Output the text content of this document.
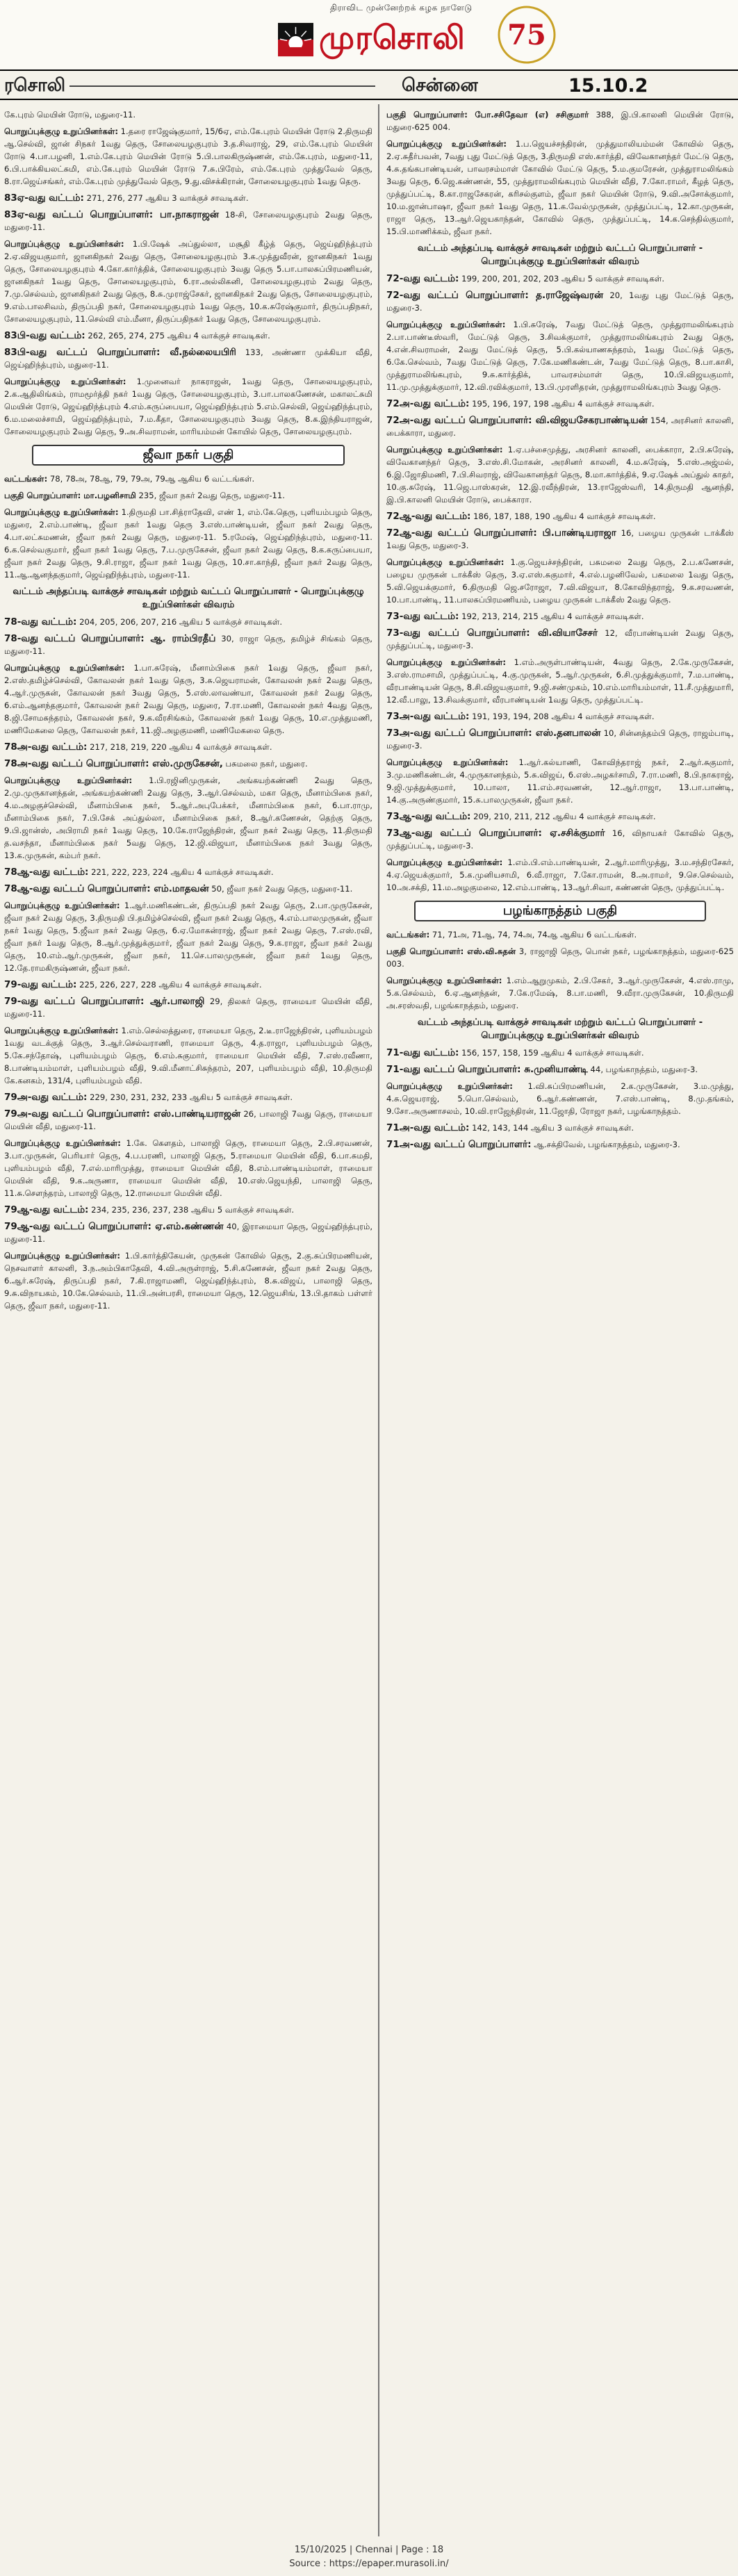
திராவிட முன்னேற்றக் கழக நாளேடு
முரசொலி 75
ரசொலி	சென்னை	15.10.2

கே.புரம் மெயின் ரோடு, மதுரை-11.

பொறுப்புக்குழு உறுப்பினர்கள்: 1.தரை ராஜேஷ்குமார், 15/6ஏ, எம்.கே.புரம் மெயின் ரோடு 2.திருமதி ஆ.செல்வி, ஜான் சிநகர் 1வது தெரு, சோலையழகுபுரம் 3.த.சிவராஜ், 29, எம்.கே.புரம் மெயின் ரோடு 4.பா.பழனி, 1.எம்.கே.புரம் மெயின் ரோடு 5.பி.பாலகிருஷ்ணன், எம்.கே.புரம், மதுரை-11, 6.பி.பாக்கியலட்சுமி, எம்.கே.புரம் மெயின் ரோடு 7.சு.பிரேம், எம்.கே.புரம் முத்துவேல் தெரு, 8.ரா.ஜெய்சங்கர், எம்.கே.புரம் முத்துவேல் தெரு, 9.து.விசக்கிரான், சோலையழகுபுரம் 1வது தெரு.

83ஏ-வது வட்டம்: 271, 276, 277 ஆகிய 3 வாக்குச் சாவடிகள்.

83ஏ-வது வட்டப் பொறுப்பாளர்: பா.நாகராஜன் 18-சி, சோலையழகுபுரம் 2வது தெரு, மதுரை-11.

பொறுப்புக்குழு உறுப்பினர்கள்: 1.பி.ஷேக் அப்துல்லா, மசூதி கீழ்த் தெரு, ஜெய்ஹிந்த்புரம் 2.ஏ.விஜயகுமார், ஜானகிநகர் 2வது தெரு, சோலையழகுபுரம் 3.க.முத்துவீரன், ஜானகிநகர் 1வது தெரு, சோலையழகுபுரம் 4.கோ.கார்த்திக், சோலையழகுபுரம் 3வது தெரு 5.பா.பாலசுப்பிரமணியன், ஜானகிநகர் 1வது தெரு, சோலையழகுபுரம், 6.ரா.அல்லிகனி, சோலையழகுபுரம் 2வது தெரு, 7.மு.செல்வம், ஜானகிநகர் 2வது தெரு, 8.சு.முராஜ்சேகர், ஜானகிநகர் 2வது தெரு, சோலையழகுபுரம், 9.எம்.பாலசிவம், திருப்பதி நகர், சோலையழகுபுரம் 1வது தெரு, 10.க.சுரேஷ்குமார், திருப்பதிநகர், சோலையழகுபுரம், 11.செல்வி எம்.மீனா, திருப்பதிநகர் 1வது தெரு, சோலையழகுபுரம்.

83பி-வது வட்டம்: 262, 265, 274, 275 ஆகிய 4 வாக்குச் சாவடிகள்.

83பி-வது வட்டப் பொறுப்பாளர்: வீ.நல்லையபிரி 133, அண்ணா முக்கியா வீதி, ஜெய்ஹிந்த்புரம், மதுரை-11.

பொறுப்புக்குழு உறுப்பினர்கள்: 1.முனைவர் நாகராஜன், 1வது தெரு, சோலையழகுபுரம், 2.க.ஆதிலிங்கம், ராமமூர்த்தி நகர் 1வது தெரு, சோலையழகுபுரம், 3.பா.பாலகணேசன், மகாலட்சுமி மெயின் ரோடு, ஜெய்ஹிந்த்புரம் 4.எம்.கருப்பையா, ஜெய்ஹிந்த்புரம் 5.எம்.செல்வி, ஜெய்ஹிந்த்புரம், 6.ம.மலைச்சாமி, ஜெய்ஹிந்த்புரம், 7.ம.கீதா, சோலையழகுபுரம் 3வது தெரு, 8.க.இந்தியராஜன், சோலையழகுபுரம் 2வது தெரு, 9.அ.சிவராமன், மாரியம்மன் கோயில் தெரு, சோலையழகுபுரம்.

ஜீவா நகர் பகுதி

வட்டங்கள்: 78, 78அ, 78ஆ, 79, 79அ, 79ஆ ஆகிய 6 வட்டங்கள்.

பகுதி பொறுப்பாளர்: மா.பழனிசாமி 235, ஜீவா நகர் 2வது தெரு, மதுரை-11.

பொறுப்புக்குழு உறுப்பினர்கள்: 1.திருமதி பா.சித்ராதேவி, எண் 1, எம்.கே.தெரு, புளியம்பழம் தெரு, மதுரை, 2.எம்.பாண்டி, ஜீவா நகர் 1வது தெரு 3.எஸ்.பாண்டியன், ஜீவா நகர் 2வது தெரு, 4.பா.லட்சுமணன், ஜீவா நகர் 2வது தெரு, மதுரை-11. 5.ரமேஷ், ஜெய்ஹிந்த்புரம், மதுரை-11. 6.க.செல்வகுமார், ஜீவா நகர் 1வது தெரு, 7.ப.முருகேசன், ஜீவா நகர் 2வது தெரு, 8.க.கருப்பையா, ஜீவா நகர் 2வது தெரு, 9.சி.ராஜா, ஜீவா நகர் 1வது தெரு, 10.சா.காந்தி, ஜீவா நகர் 2வது தெரு, 11.ஆ.ஆனந்தகுமார், ஜெய்ஹிந்த்புரம், மதுரை-11.

வட்டம் அந்தப்படி வாக்குச் சாவடிகள் மற்றும் வட்டப் பொறுப்பாளர் - பொறுப்புக்குழு உறுப்பினர்கள் விவரம்

78-வது வட்டம்: 204, 205, 206, 207, 216 ஆகிய 5 வாக்குச் சாவடிகள்.

78-வது வட்டப் பொறுப்பாளர்: ஆ. ராம்பிரதீப் 30, ராஜா தெரு, தமிழ்ச் சிங்கம் தெரு, மதுரை-11.

பொறுப்புக்குழு உறுப்பினர்கள்: 1.பா.சுரேஷ், மீனாம்பிகை நகர் 1வது தெரு, ஜீவா நகர், 2.எஸ்.தமிழ்ச்செல்வி, கோவலன் நகர் 1வது தெரு, 3.சு.ஜெயராமன், கோவலன் நகர் 2வது தெரு, 4.ஆர்.முருகன், கோவலன் நகர் 3வது தெரு, 5.எஸ்.லாவண்யா, கோவலன் நகர் 2வது தெரு, 6.எம்.ஆனந்தகுமார், கோவலன் நகர் 2வது தெரு, மதுரை, 7.ரா.மணி, கோவலன் நகர் 4வது தெரு, 8.ஜி.சோமசுந்தரம், கோவலன் நகர், 9.க.வீரசிங்கம், கோவலன் நகர் 1வது தெரு, 10.எ.முத்துமணி, மணிமேகலை தெரு, கோவலன் நகர், 11.ஜி.அழகுமணி, மணிமேகலை தெரு.

78அ-வது வட்டம்: 217, 218, 219, 220 ஆகிய 4 வாக்குச் சாவடிகள்.

78அ-வது வட்டப் பொறுப்பாளர்: எஸ்.முருகேசன், பசுமலை நகர், மதுரை.

பொறுப்புக்குழு உறுப்பினர்கள்: 1.பி.ரஜினிமுருகன், அங்கயற்கண்ணி 2வது தெரு, 2.மு.முருகானந்தன், அங்கயற்கண்ணி 2வது தெரு, 3.ஆர்.செல்வம், மகா தெரு, மீனாம்பிகை நகர், 4.ம.அழகுச்செல்வி, மீனாம்பிகை நகர், 5.ஆர்.அபுபேக்கர், மீனாம்பிகை நகர், 6.பா.ராமு, மீனாம்பிகை நகர், 7.பி.சேக் அப்துல்லா, மீனாம்பிகை நகர், 8.ஆர்.கணேசன், தெற்கு தெரு, 9.பி.ஜான்ஸ், அபிராமி நகர் 1வது தெரு, 10.கே.ராஜேந்திரன், ஜீவா நகர் 2வது தெரு, 11.திருமதி த.வசந்தா, மீனாம்பிகை நகர் 5வது தெரு, 12.ஜி.விஜயா, மீனாம்பிகை நகர் 3வது தெரு, 13.க.முருகன், கம்பர் நகர்.

78ஆ-வது வட்டம்: 221, 222, 223, 224 ஆகிய 4 வாக்குச் சாவடிகள்.

78ஆ-வது வட்டப் பொறுப்பாளர்: எம்.மாதவன் 50, ஜீவா நகர் 2வது தெரு, மதுரை-11.

பொறுப்புக்குழு உறுப்பினர்கள்: 1.ஆர்.மணிகண்டன், திருப்பதி நகர் 2வது தெரு, 2.பா.முருகேசன், ஜீவா நகர் 2வது தெரு, 3.திருமதி பி.தமிழ்ச்செல்வி, ஜீவா நகர் 2வது தெரு, 4.எம்.பாலமுருகன், ஜீவா நகர் 1வது தெரு, 5.ஜீவா நகர் 2வது தெரு, 6.ஏ.மோகன்ராஜ், ஜீவா நகர் 2வது தெரு, 7.எஸ்.ரவி, ஜீவா நகர் 1வது தெரு, 8.ஆர்.முத்துக்குமார், ஜீவா நகர் 2வது தெரு, 9.க.ராஜா, ஜீவா நகர் 2வது தெரு, 10.எம்.ஆர்.முருகன், ஜீவா நகர், 11.செ.பாலமுருகன், ஜீவா நகர் 1வது தெரு, 12.தே.ராமகிருஷ்ணன், ஜீவா நகர்.

79-வது வட்டம்: 225, 226, 227, 228 ஆகிய 4 வாக்குச் சாவடிகள்.

79-வது வட்டப் பொறுப்பாளர்: ஆர்.பாலாஜி 29, திலகர் தெரு, ராமையா மெயின் வீதி, மதுரை-11.

பொறுப்புக்குழு உறுப்பினர்கள்: 1.எம்.செல்லத்துரை, ராமையா தெரு, 2.டீ.ராஜேந்திரன், புளியம்பழம் 1வது வடக்குத் தெரு, 3.ஆர்.செல்வராணி, ராமையா தெரு, 4.த.ராஜா, புளியம்பழம் தெரு, 5.கே.சந்தோஷ், புளியம்பழம் தெரு, 6.எம்.சுகுமார், ராமையா மெயின் வீதி, 7.எஸ்.ரவீணா, 8.பாண்டியம்மாள், புளியம்பழம் வீதி, 9.வி.மீனாட்சிசுந்தரம், 207, புளியம்பழம் வீதி, 10.திருமதி கே.கனகம், 131/4, புளியம்பழம் வீதி.

79அ-வது வட்டம்: 229, 230, 231, 232, 233 ஆகிய 5 வாக்குச் சாவடிகள்.

79அ-வது வட்டப் பொறுப்பாளர்: எஸ்.பாண்டியராஜன் 26, பாலாஜி 7வது தெரு, ராமையா மெயின் வீதி, மதுரை-11.

பொறுப்புக்குழு உறுப்பினர்கள்: 1.கே. கௌதம், பாலாஜி தெரு, ராமையா தெரு, 2.பி.சரவணன், 3.பா.முருகன், பெரியார் தெரு, 4.ப.பரணி, பாலாஜி தெரு, 5.ராமையா மெயின் வீதி, 6.பா.சுமதி, புளியம்பழம் வீதி, 7.எல்.மாரிமுத்து, ராமையா மெயின் வீதி, 8.எம்.பாண்டியம்மாள், ராமையா மெயின் வீதி, 9.க.அருணா, ராமையா மெயின் வீதி, 10.எஸ்.ஜெயந்தி, பாலாஜி தெரு, 11.சு.சௌந்தரம், பாலாஜி தெரு, 12.ராமையா மெயின் வீதி.

79ஆ-வது வட்டம்: 234, 235, 236, 237, 238 ஆகிய 5 வாக்குச் சாவடிகள்.

79ஆ-வது வட்டப் பொறுப்பாளர்: ஏ.எம்.கண்ணன் 40, இராமையா தெரு, ஜெய்ஹிந்த்புரம், மதுரை-11.

பொறுப்புக்குழு உறுப்பினர்கள்: 1.பி.கார்த்திகேயன், முருகன் கோவில் தெரு, 2.கு.சுப்பிரமணியன், நெசவாளர் காலனி, 3.ந.அம்பிகாதேவி, 4.வி.அருள்ராஜ், 5.சி.கணேசன், ஜீவா நகர் 2வது தெரு, 6.ஆர்.சுரேஷ், திருப்பதி நகர், 7.கி.ராஜாமணி, ஜெய்ஹிந்த்புரம், 8.சு.விஜய், பாலாஜி தெரு, 9.சு.விநாயகம், 10.கே.செல்வம், 11.பி.அன்பரசி, ராமையா தெரு, 12.ஜெயசிங், 13.பி.தாகம் பள்ளர் தெரு, ஜீவா நகர், மதுரை-11.

பகுதி பொறுப்பாளர்: போ.சசிதேவா (எ) சசிகுமார் 388, இ.பி.காலனி மெயின் ரோடு, மதுரை-625 004.

பொறுப்புக்குழு உறுப்பினர்கள்: 1.ப.ஜெயச்சந்திரன், முத்துமாலியம்மன் கோவில் தெரு, 2.ஏ.சுதீர்பவன், 7வது புது மேட்டுத் தெரு, 3.திருமதி எஸ்.கார்த்தி, விவேகானந்தர் மேட்டு தெரு, 4.சு.தங்கபாண்டியன், பாவரசம்மாள் கோவில் மேட்டு தெரு, 5.ம.குமரேசன், முத்துராமலிங்கம் 3வது தெரு, 6.ஜெ.கண்ணன், 55, முத்துராமலிங்கபுரம் மெயின் வீதி, 7.கோ.ராமர், கீழத் தெரு, முத்துப்பட்டி, 8.கா.ராஜசேகரன், கரிசல்குளம், ஜீவா நகர் மெயின் ரோடு, 9.வி.அசோக்குமார், 10.ம.ஜான்பாஷா, ஜீவா நகர் 1வது தெரு, 11.க.வேல்முருகன், முத்துப்பட்டி, 12.கா.முருகன், ராஜா தெரு, 13.ஆர்.ஜெயகாந்தன், கோவில் தெரு, முத்துப்பட்டி, 14.க.செந்தில்குமார், 15.பி.மாணிக்கம், ஜீவா நகர்.

வட்டம் அந்தப்படி வாக்குச் சாவடிகள் மற்றும் வட்டப் பொறுப்பாளர் - பொறுப்புக்குழு உறுப்பினர்கள் விவரம்

72-வது வட்டம்: 199, 200, 201, 202, 203 ஆகிய 5 வாக்குச் சாவடிகள்.

72-வது வட்டப் பொறுப்பாளர்: த.ராஜேஷ்வரன் 20, 1வது புது மேட்டுத் தெரு, மதுரை-3.

பொறுப்புக்குழு உறுப்பினர்கள்: 1.பி.சுரேஷ், 7வது மேட்டுத் தெரு, முத்துராமலிங்கபுரம் 2.பா.பாண்டீஸ்வரி, மேட்டுத் தெரு, 3.சிவக்குமார், முத்துராமலிங்கபுரம் 2வது தெரு, 4.என்.சிவராமன், 2வது மேட்டுத் தெரு, 5.பி.கல்யாணசுந்தரம், 1வது மேட்டுத் தெரு, 6.கே.செல்வம், 7வது மேட்டுத் தெரு, 7.கே.மணிகண்டன், 7வது மேட்டுத் தெரு, 8.பா.காசி, முத்துராமலிங்கபுரம், 9.சு.கார்த்திக், பாவரசம்மாள் தெரு, 10.பி.விஜயகுமார், 11.மு.முத்துக்குமார், 12.வி.ரவிக்குமார், 13.பி.முரளிதரன், முத்துராமலிங்கபுரம் 3வது தெரு.

72அ-வது வட்டம்: 195, 196, 197, 198 ஆகிய 4 வாக்குச் சாவடிகள்.

72அ-வது வட்டப் பொறுப்பாளர்: வி.விஜயசேகரபாண்டியன் 154, அரசினர் காலனி, பைக்காரா, மதுரை.

பொறுப்புக்குழு உறுப்பினர்கள்: 1.ஏ.பச்சைமுத்து, அரசினர் காலனி, பைக்காரா, 2.பி.சுரேஷ், விவேகானந்தர் தெரு, 3.எஸ்.சி.மோகன், அரசினர் காலனி, 4.ம.சுரேஷ், 5.எஸ்.அஜ்மல், 6.இ.ஜோதிமணி, 7.பி.சிவராஜ், விவேகானந்தர் தெரு, 8.மா.கார்த்திக், 9.ஏ.ஷேக் அப்துல் காதர், 10.கு.சுரேஷ், 11.ஜெ.பாஸ்கரன், 12.இ.ரவீந்திரன், 13.ராஜேஸ்வரி, 14.திருமதி ஆனந்தி, இ.பி.காலனி மெயின் ரோடு, பைக்காரா.

72ஆ-வது வட்டம்: 186, 187, 188, 190 ஆகிய 4 வாக்குச் சாவடிகள்.

72ஆ-வது வட்டப் பொறுப்பாளர்: பி.பாண்டியராஜா 16, பழைய முருகன் டாக்கீஸ் 1வது தெரு, மதுரை-3.

பொறுப்புக்குழு உறுப்பினர்கள்: 1.கு.ஜெயச்சந்திரன், பசுமலை 2வது தெரு, 2.ப.கணேசன், பழைய முருகன் டாக்கீஸ் தெரு, 3.ஏ.எஸ்.சுகுமார், 4.எல்.பழனிவேல், பசுமலை 1வது தெரு, 5.வி.ஜெயக்குமார், 6.திருமதி ஜெ.சரோஜா, 7.வி.விஜயா, 8.கோவிந்தராஜ், 9.க.சரவணன், 10.பா.பாண்டி, 11.பாலசுப்பிரமணியம், பழைய முருகன் டாக்கீஸ் 2வது தெரு.

73-வது வட்டம்: 192, 213, 214, 215 ஆகிய 4 வாக்குச் சாவடிகள்.

73-வது வட்டப் பொறுப்பாளர்: வி.வியாசேசர் 12, வீரபாண்டியன் 2வது தெரு, முத்துப்பட்டி, மதுரை-3.

பொறுப்புக்குழு உறுப்பினர்கள்: 1.எம்.அருள்பாண்டியன், 4வது தெரு, 2.கே.முருகேசன், 3.எஸ்.ராமசாமி, முத்துப்பட்டி, 4.கு.முருகன், 5.ஆர்.முருகன், 6.சி.முத்துக்குமார், 7.ம.பாண்டி, வீரபாண்டியன் தெரு, 8.சி.விஜயகுமார், 9.ஜி.சண்முகம், 10.எம்.மாரியம்மாள், 11.சீ.முத்துமாரி, 12.வீ.பாலு, 13.சிவக்குமார், வீரபாண்டியன் 1வது தெரு, முத்துப்பட்டி.

73அ-வது வட்டம்: 191, 193, 194, 208 ஆகிய 4 வாக்குச் சாவடிகள்.

73அ-வது வட்டப் பொறுப்பாளர்: எஸ்.தனபாலன் 10, சின்னத்தம்பி தெரு, ராஜம்பாடி, மதுரை-3.

பொறுப்புக்குழு உறுப்பினர்கள்: 1.ஆர்.கல்யாணி, கோவிந்தராஜ் நகர், 2.ஆர்.சுகுமார், 3.மு.மணிகண்டன், 4.முருகானந்தம், 5.சு.விஜய், 6.எஸ்.அழகர்சாமி, 7.ரா.மணி, 8.பி.நாகராஜ், 9.ஜி.முத்துக்குமார், 10.பாலா, 11.எம்.சரவணன், 12.ஆர்.ராஜா, 13.பா.பாண்டி, 14.கு.அருண்குமார், 15.சு.பாலமுருகன், ஜீவா நகர்.

73ஆ-வது வட்டம்: 209, 210, 211, 212 ஆகிய 4 வாக்குச் சாவடிகள்.

73ஆ-வது வட்டப் பொறுப்பாளர்: ஏ.சசிக்குமார் 16, விநாயகர் கோவில் தெரு, முத்துப்பட்டி, மதுரை-3.

பொறுப்புக்குழு உறுப்பினர்கள்: 1.எம்.பி.எம்.பாண்டியன், 2.ஆர்.மாரிமுத்து, 3.ம.சந்திரசேகர், 4.ஏ.ஜெயக்குமார், 5.க.முனியசாமி, 6.வீ.ராஜா, 7.கோ.ராமன், 8.அ.ராமர், 9.செ.செல்வம், 10.அ.சக்தி, 11.ம.அழகுமலை, 12.எம்.பாண்டி, 13.ஆர்.சிவா, கண்ணன் தெரு, முத்துப்பட்டி.

பழங்காநத்தம் பகுதி

வட்டங்கள்: 71, 71அ, 71ஆ, 74, 74அ, 74ஆ ஆகிய 6 வட்டங்கள்.

பகுதி பொறுப்பாளர்: எஸ்.வி.சுதன் 3, ராஜாஜி தெரு, பொன் நகர், பழங்காநத்தம், மதுரை-625 003.

பொறுப்புக்குழு உறுப்பினர்கள்: 1.எம்.ஆறுமுகம், 2.பி.சேகர், 3.ஆர்.முருகேசன், 4.எஸ்.ராமு, 5.க.செல்வம், 6.ஏ.ஆனந்தன், 7.கே.ரமேஷ், 8.பா.மணி, 9.வீரா.முருகேசன், 10.திருமதி அ.சரஸ்வதி, பழங்காநத்தம், மதுரை.

வட்டம் அந்தப்படி வாக்குச் சாவடிகள் மற்றும் வட்டப் பொறுப்பாளர் - பொறுப்புக்குழு உறுப்பினர்கள் விவரம்

71-வது வட்டம்: 156, 157, 158, 159 ஆகிய 4 வாக்குச் சாவடிகள்.

71-வது வட்டப் பொறுப்பாளர்: சு.முனியாண்டி 44, பழங்காநத்தம், மதுரை-3.

பொறுப்புக்குழு உறுப்பினர்கள்: 1.வி.சுப்பிரமணியன், 2.க.முருகேசன், 3.ம.முத்து, 4.சு.ஜெயராஜ், 5.பொ.செல்வம், 6.ஆர்.கண்ணன், 7.எஸ்.பாண்டி, 8.மு.தங்கம், 9.சோ.அருணாசலம், 10.வி.ராஜேந்திரன், 11.ஜோதி, ரோஜா நகர், பழங்காநத்தம்.

71அ-வது வட்டம்: 142, 143, 144 ஆகிய 3 வாக்குச் சாவடிகள்.

71அ-வது வட்டப் பொறுப்பாளர்: ஆ.சக்திவேல், பழங்காநத்தம், மதுரை-3.

15/10/2025 | Chennai | Page : 18
Source : https://epaper.murasoli.in/
